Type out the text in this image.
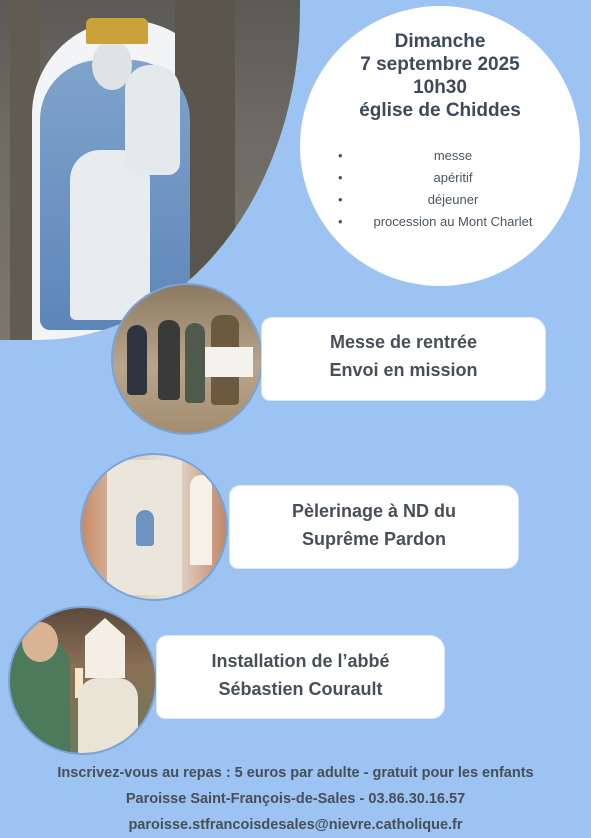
Dimanche
7 septembre 2025
10h30
église de Chiddes
• messe
• apéritif
• déjeuner
• procession au Mont Charlet
Messe de rentrée
Envoi en mission
Pèlerinage à ND du
Suprême Pardon
Installation de l’abbé
Sébastien Courault
Inscrivez-vous au repas : 5 euros par adulte - gratuit pour les enfants
Paroisse Saint-François-de-Sales - 03.86.30.16.57
paroisse.stfrancoisdesales@nievre.catholique.fr
